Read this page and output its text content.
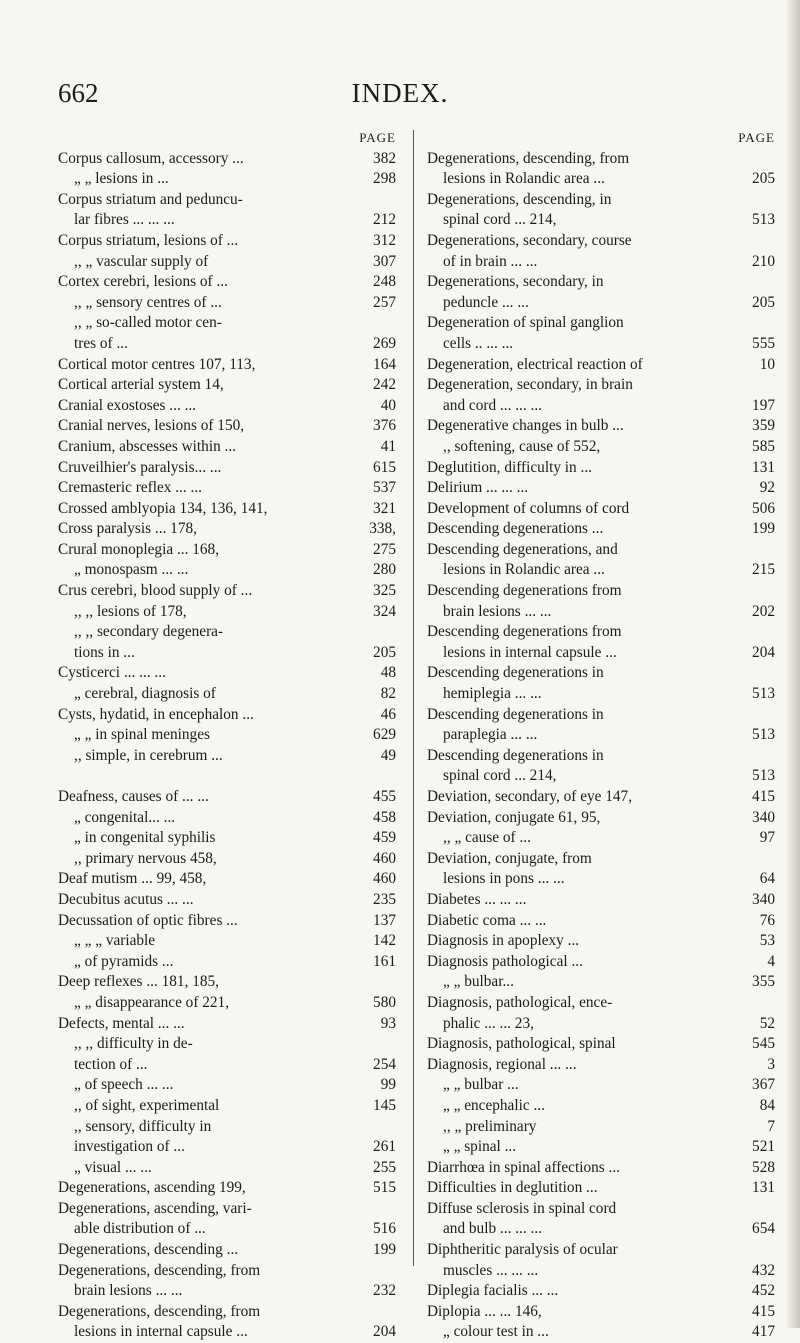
662	INDEX.
PAGE
Corpus callosum, accessory ...	382
„ „ lesions in ...	298
Corpus striatum and peduncu-
lar fibres ... ... ...	212
Corpus striatum, lesions of ...	312
,, „ vascular supply of	307
Cortex cerebri, lesions of ...	248
,, „ sensory centres of ...	257
,, „ so-called motor cen-
tres of ...	269
Cortical motor centres 107, 113,	164
Cortical arterial system 14,	242
Cranial exostoses ... ...	40
Cranial nerves, lesions of 150,	376
Cranium, abscesses within ...	41
Cruveilhier's paralysis... ...	615
Cremasteric reflex ... ...	537
Crossed amblyopia 134, 136, 141,	321
Cross paralysis ... 178,	338,
Crural monoplegia ... 168,	275
„ monospasm ... ...	280
Crus cerebri, blood supply of ...	325
,, ,, lesions of 178,	324
,, ,, secondary degenera-
tions in ...	205
Cysticerci ... ... ...	48
„ cerebral, diagnosis of	82
Cysts, hydatid, in encephalon ...	46
„ „ in spinal meninges	629
,, simple, in cerebrum ...	49
Deafness, causes of ... ...	455
„ congenital... ...	458
„ in congenital syphilis	459
,, primary nervous 458,	460
Deaf mutism ... 99, 458,	460
Decubitus acutus ... ...	235
Decussation of optic fibres ...	137
„ „ „ variable	142
„ of pyramids ...	161
Deep reflexes ... 181, 185,
„ „ disappearance of 221,	580
Defects, mental ... ...	93
,, ,, difficulty in de-
tection of ...	254
„ of speech ... ...	99
,, of sight, experimental	145
,, sensory, difficulty in
investigation of ...	261
„ visual ... ...	255
Degenerations, ascending 199,	515
Degenerations, ascending, vari-
able distribution of ...	516
Degenerations, descending ...	199
Degenerations, descending, from
brain lesions ... ...	232
Degenerations, descending, from
lesions in internal capsule ...	204
PAGE
Degenerations, descending, from
lesions in Rolandic area ...	205
Degenerations, descending, in
spinal cord ... 214,	513
Degenerations, secondary, course
of in brain ... ...	210
Degenerations, secondary, in
peduncle ... ...	205
Degeneration of spinal ganglion
cells .. ... ...	555
Degeneration, electrical reaction of	10
Degeneration, secondary, in brain
and cord ... ... ...	197
Degenerative changes in bulb ...	359
,, softening, cause of 552,	585
Deglutition, difficulty in ...	131
Delirium ... ... ...	92
Development of columns of cord	506
Descending degenerations ...	199
Descending degenerations, and
lesions in Rolandic area ...	215
Descending degenerations from
brain lesions ... ...	202
Descending degenerations from
lesions in internal capsule ...	204
Descending degenerations in
hemiplegia ... ...	513
Descending degenerations in
paraplegia ... ...	513
Descending degenerations in
spinal cord ... 214,	513
Deviation, secondary, of eye 147,	415
Deviation, conjugate 61, 95,	340
,, „ cause of ...	97
Deviation, conjugate, from
lesions in pons ... ...	64
Diabetes ... ... ...	340
Diabetic coma ... ...	76
Diagnosis in apoplexy ...	53
Diagnosis pathological ...	4
„ „ bulbar...	355
Diagnosis, pathological, ence-
phalic ... ... 23,	52
Diagnosis, pathological, spinal	545
Diagnosis, regional ... ...	3
„ „ bulbar ...	367
„ „ encephalic ...	84
,, „ preliminary	7
„ „ spinal ...	521
Diarrhœa in spinal affections ...	528
Difficulties in deglutition ...	131
Diffuse sclerosis in spinal cord
and bulb ... ... ...	654
Diphtheritic paralysis of ocular
muscles ... ... ...	432
Diplegia facialis ... ...	452
Diplopia ... ... 146,	415
„ colour test in ...	417
